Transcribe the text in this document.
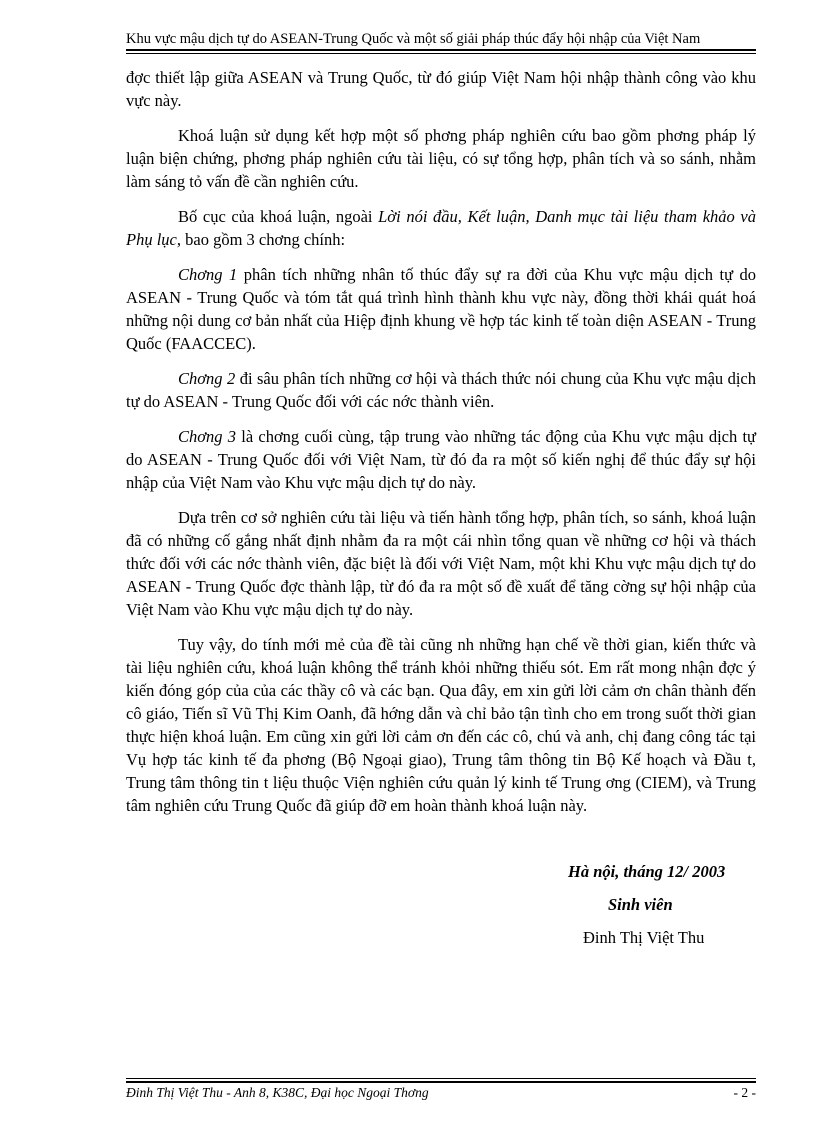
Khu vực mậu dịch tự do ASEAN-Trung Quốc và một số giải pháp thúc đẩy hội nhập của Việt Nam

đợc thiết lập giữa ASEAN và Trung Quốc, từ đó giúp Việt Nam hội nhập thành công vào khu vực này.

Khoá luận sử dụng kết hợp một số phơng pháp nghiên cứu bao gồm phơng pháp lý luận biện chứng, phơng pháp nghiên cứu tài liệu, có sự tổng hợp, phân tích và so sánh, nhằm làm sáng tỏ vấn đề cần nghiên cứu.

Bố cục của khoá luận, ngoài Lời nói đầu, Kết luận, Danh mục tài liệu tham khảo và Phụ lục, bao gồm 3 chơng chính:

Chơng 1 phân tích những nhân tố thúc đẩy sự ra đời của Khu vực mậu dịch tự do ASEAN - Trung Quốc và tóm tắt quá trình hình thành khu vực này, đồng thời khái quát hoá những nội dung cơ bản nhất của Hiệp định khung về hợp tác kinh tế toàn diện ASEAN - Trung Quốc (FAACCEC).

Chơng 2 đi sâu phân tích những cơ hội và thách thức nói chung của Khu vực mậu dịch tự do ASEAN - Trung Quốc đối với các nớc thành viên.

Chơng 3 là chơng cuối cùng, tập trung vào những tác động của Khu vực mậu dịch tự do ASEAN - Trung Quốc đối với Việt Nam, từ đó đa ra một số kiến nghị để thúc đẩy sự hội nhập của Việt Nam vào Khu vực mậu dịch tự do này.

Dựa trên cơ sở nghiên cứu tài liệu và tiến hành tổng hợp, phân tích, so sánh, khoá luận đã có những cố gắng nhất định nhằm đa ra một cái nhìn tổng quan về những cơ hội và thách thức đối với các nớc thành viên, đặc biệt là đối với Việt Nam, một khi Khu vực mậu dịch tự do ASEAN - Trung Quốc đợc thành lập, từ đó đa ra một số đề xuất để tăng cờng sự hội nhập của Việt Nam vào Khu vực mậu dịch tự do này.

Tuy vậy, do tính mới mẻ của đề tài cũng nh những hạn chế về thời gian, kiến thức và tài liệu nghiên cứu, khoá luận không thể tránh khỏi những thiếu sót. Em rất mong nhận đợc ý kiến đóng góp của của các thầy cô và các bạn. Qua đây, em xin gửi lời cảm ơn chân thành đến cô giáo, Tiến sĩ Vũ Thị Kim Oanh, đã hớng dẫn và chỉ bảo tận tình cho em trong suốt thời gian thực hiện khoá luận. Em cũng xin gửi lời cảm ơn đến các cô, chú và anh, chị đang công tác tại Vụ hợp tác kinh tế đa phơng (Bộ Ngoại giao), Trung tâm thông tin Bộ Kế hoạch và Đầu t, Trung tâm thông tin t liệu thuộc Viện nghiên cứu quản lý kinh tế Trung ơng (CIEM), và Trung tâm nghiên cứu Trung Quốc đã giúp đỡ em hoàn thành khoá luận này.

Hà nội, tháng 12/ 2003
Sinh viên
Đinh Thị Việt Thu
Đinh Thị Việt Thu - Anh 8, K38C, Đại học Ngoại Thơng	- 2 -
